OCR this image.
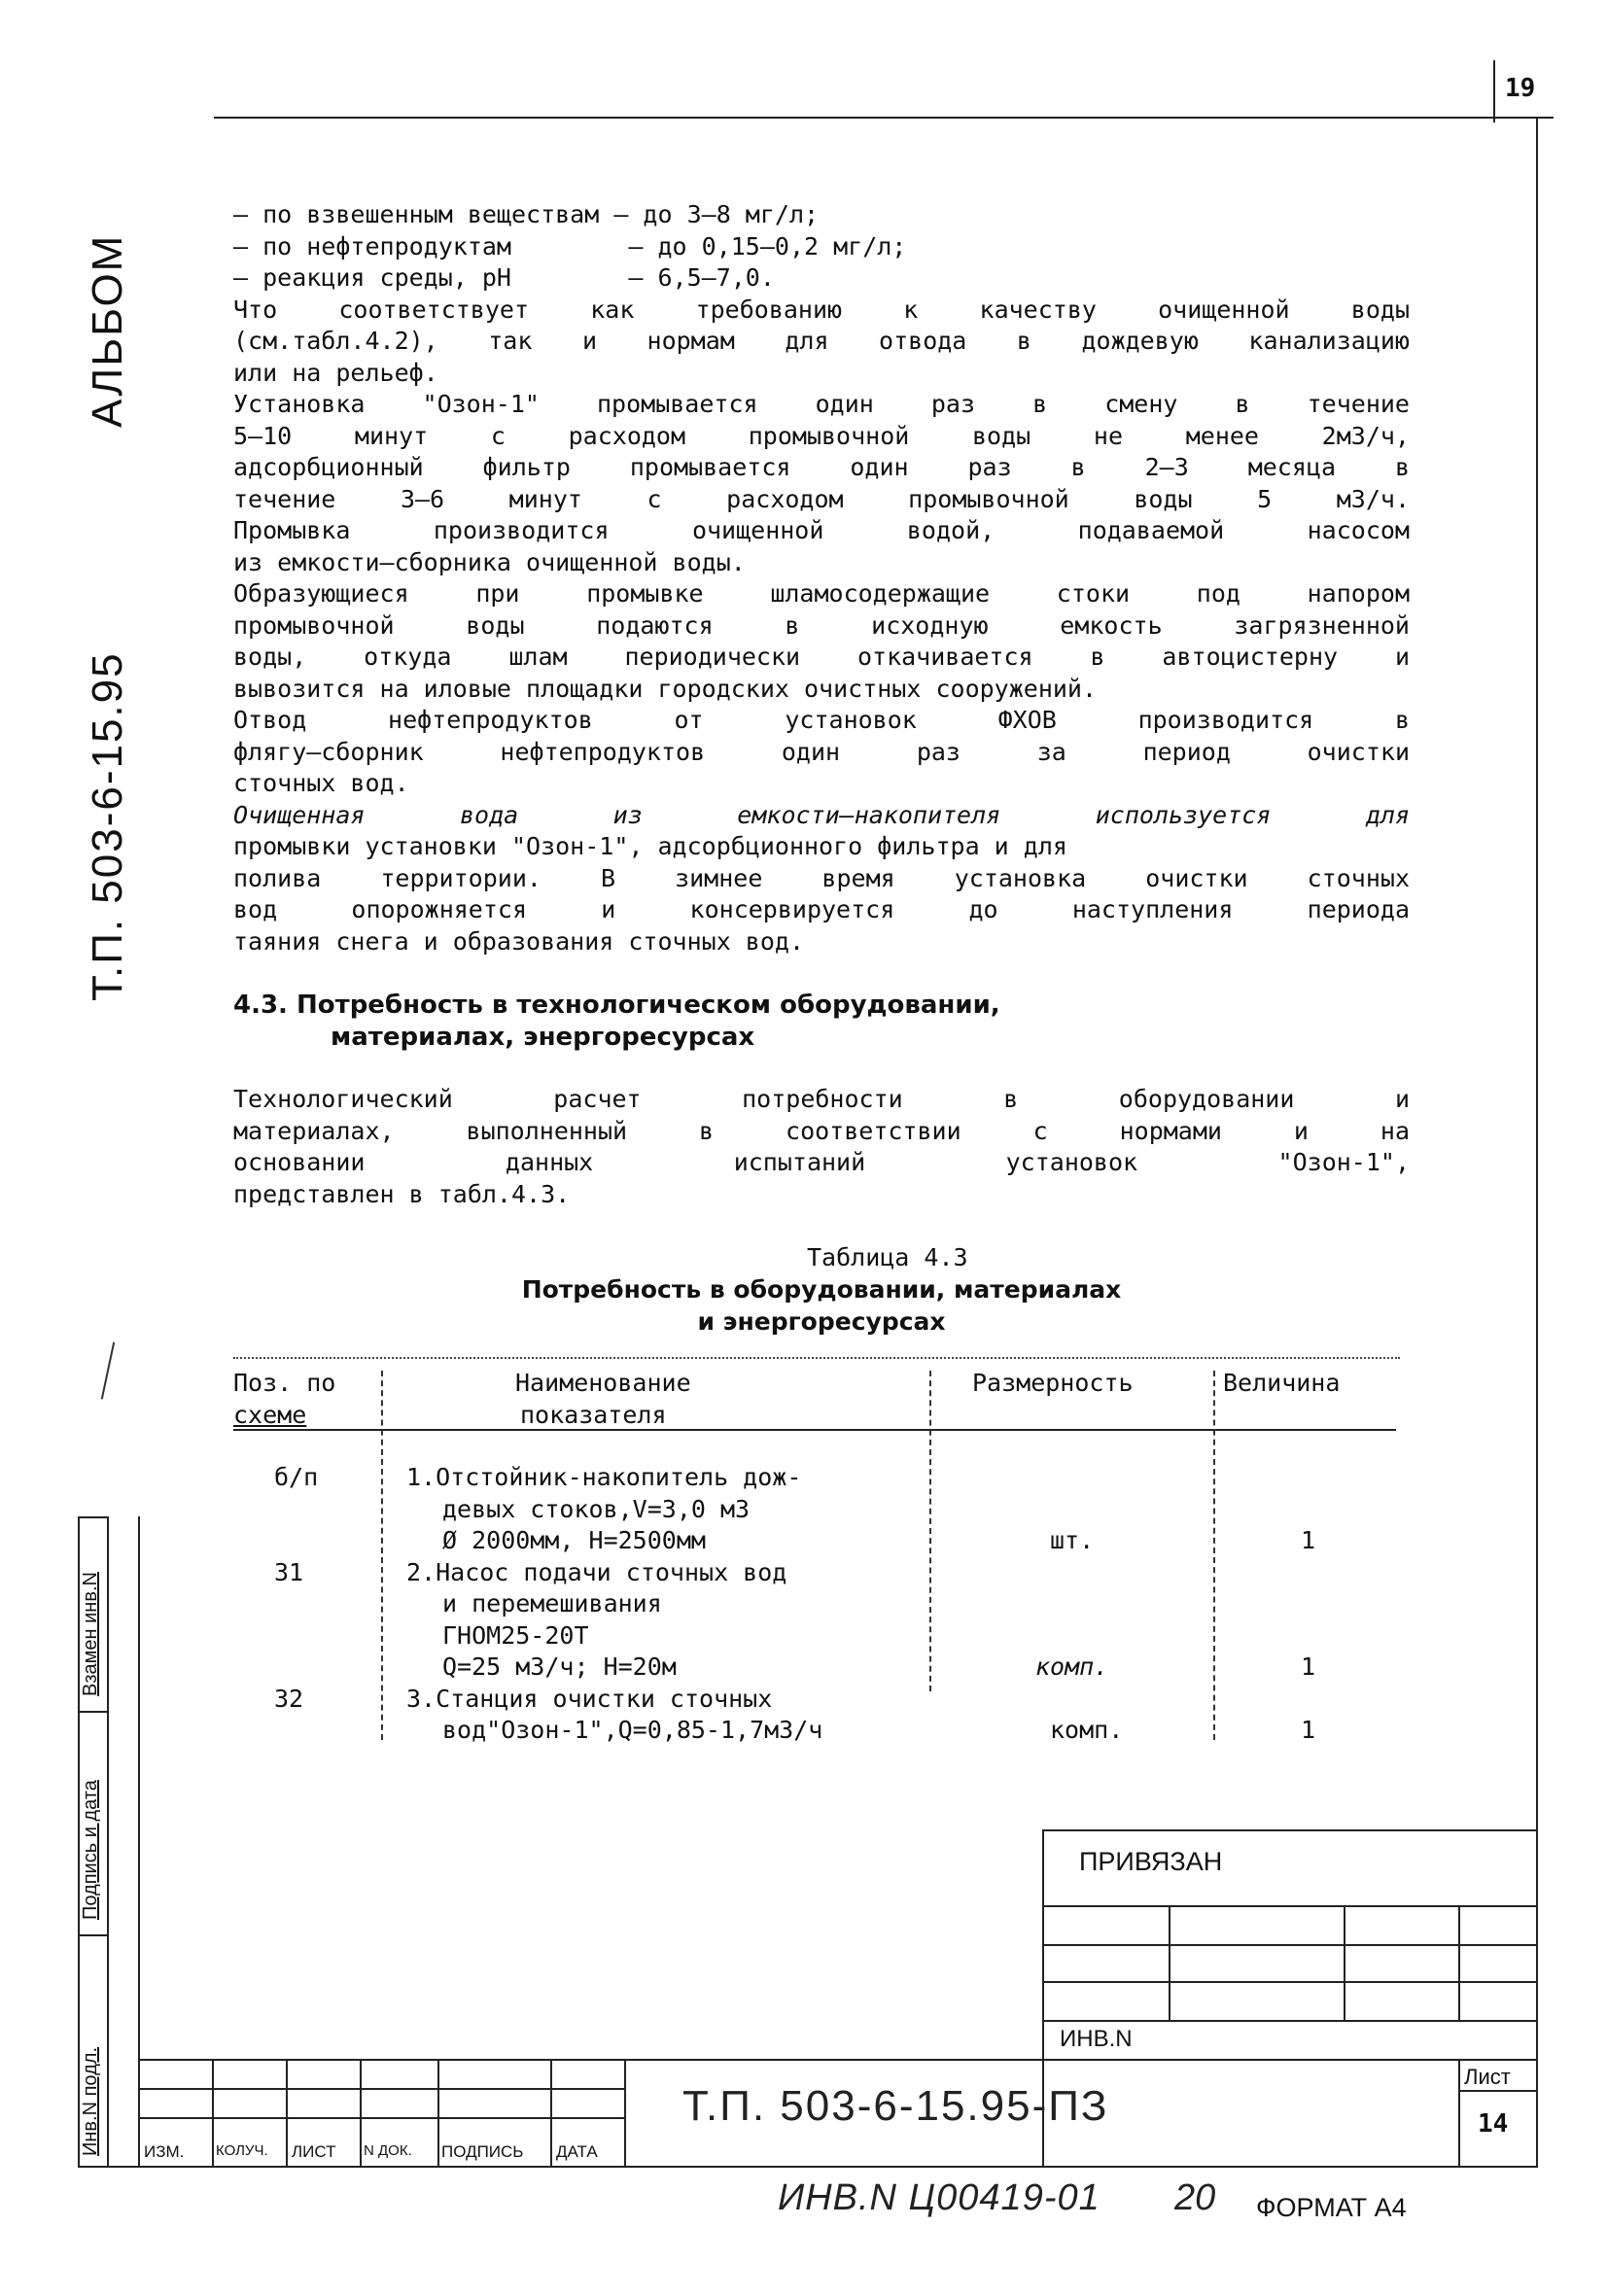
19
Т.П. 503-6-15.95
АЛЬБОМ
Инв.N подл.
Подпись и дата
Взамен инв.N
– по взвешенным веществам – до 3–8 мг/л;
– по нефтепродуктам        – до 0,15–0,2 мг/л;
– реакция среды, pH        – 6,5–7,0.
Что соответствует как требованию к качеству очищенной воды
(см.табл.4.2), так и нормам для отвода в дождевую канализацию
или на рельеф.
Установка "Озон-1" промывается один раз в смену в течение
5–10 минут с расходом промывочной воды не менее 2м3/ч,
адсорбционный фильтр промывается один раз в 2–3 месяца в
течение 3–6 минут с расходом промывочной воды 5 м3/ч.
Промывка производится очищенной водой, подаваемой насосом
из емкости–сборника очищенной воды.
Образующиеся при промывке шламосодержащие стоки под напором
промывочной воды подаются в исходную емкость загрязненной
воды, откуда шлам периодически откачивается в автоцистерну и
вывозится на иловые площадки городских очистных сооружений.
Отвод нефтепродуктов от установок ФХОВ производится в
флягу–сборник нефтепродуктов один раз за период очистки
сточных вод.
Очищенная вода из емкости–накопителя используется для
промывки установки "Озон-1", адсорбционного фильтра и для
полива территории. В зимнее время установка очистки сточных
вод опорожняется и консервируется до наступления периода
таяния снега и образования сточных вод.
4.3. Потребность в технологическом оборудовании,
материалах, энергоресурсах
Технологический расчет потребности в оборудовании и
материалах, выполненный в соответствии с нормами и на
основании данных испытаний установок "Озон-1",
представлен в табл.4.3.
Таблица 4.3
Потребность в оборудовании, материалах
и энергоресурсах
Поз. по
схеме
Наименование
показателя
Размерность	Величина
б/п	1.Отстойник-накопитель дож-
девых стоков,V=3,0 м3
Ø 2000мм, H=2500мм	шт.	1
31	2.Насос подачи сточных вод
и перемешивания
ГНОМ25-20Т
Q=25 м3/ч; H=20м	комп.	1
32	3.Станция очистки сточных
вод"Озон-1",Q=0,85-1,7м3/ч	комп.	1
ПРИВЯЗАН
ИНВ.N
ИЗМ. КОЛУЧ. ЛИСТ N ДОК. ПОДПИСЬ ДАТА
Т.П. 503-6-15.95-ПЗ
Лист
14
ИНВ.N Ц00419-01 20 ФОРМАТ А4
